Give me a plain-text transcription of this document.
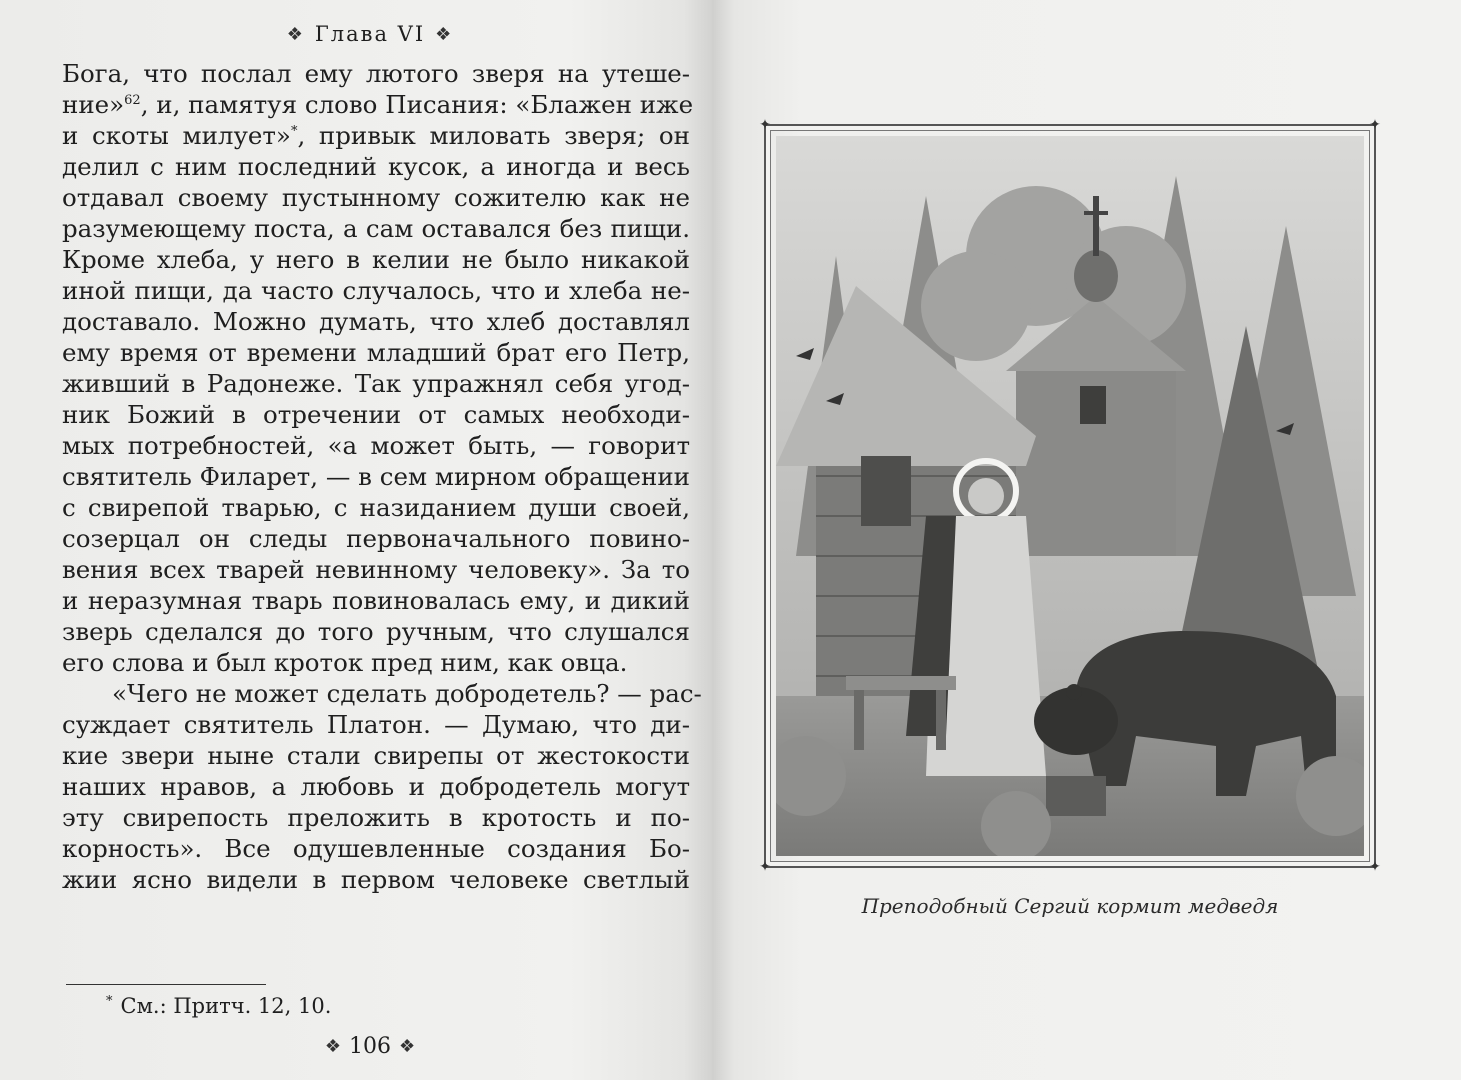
❖ Глава VI ❖
Бога, что послал ему лютого зверя на утеше-
ние»$^{62}$, и, памятуя слово Писания: «Блажен иже
и скоты милует»*, привык миловать зверя; он
делил с ним последний кусок, а иногда и весь
отдавал своему пустынному сожителю как не
разумеющему поста, а сам оставался без пищи.
Кроме хлеба, у него в келии не было никакой
иной пищи, да часто случалось, что и хлеба не-
доставало. Можно думать, что хлеб доставлял
ему время от времени младший брат его Петр,
живший в Радонеже. Так упражнял себя угод-
ник Божий в отречении от самых необходи-
мых потребностей, «а может быть, — говорит
святитель Филарет, — в сем мирном обращении
с свирепой тварью, с назиданием души своей,
созерцал он следы первоначального повино-
вения всех тварей невинному человеку». За то
и неразумная тварь повиновалась ему, и дикий
зверь сделался до того ручным, что слушался
его слова и был кроток пред ним, как овца.
«Чего не может сделать добродетель? — рас-
суждает святитель Платон. — Думаю, что ди-
кие звери ныне стали свирепы от жестокости
наших нравов, а любовь и добродетель могут
эту свирепость преложить в кротость и по-
корность». Все одушевленные создания Бо-
жии ясно видели в первом человеке светлый
* См.: Притч. 12, 10.
❖ 106 ❖
✦	✦
✦	✦
Преподобный Сергий кормит медведя
